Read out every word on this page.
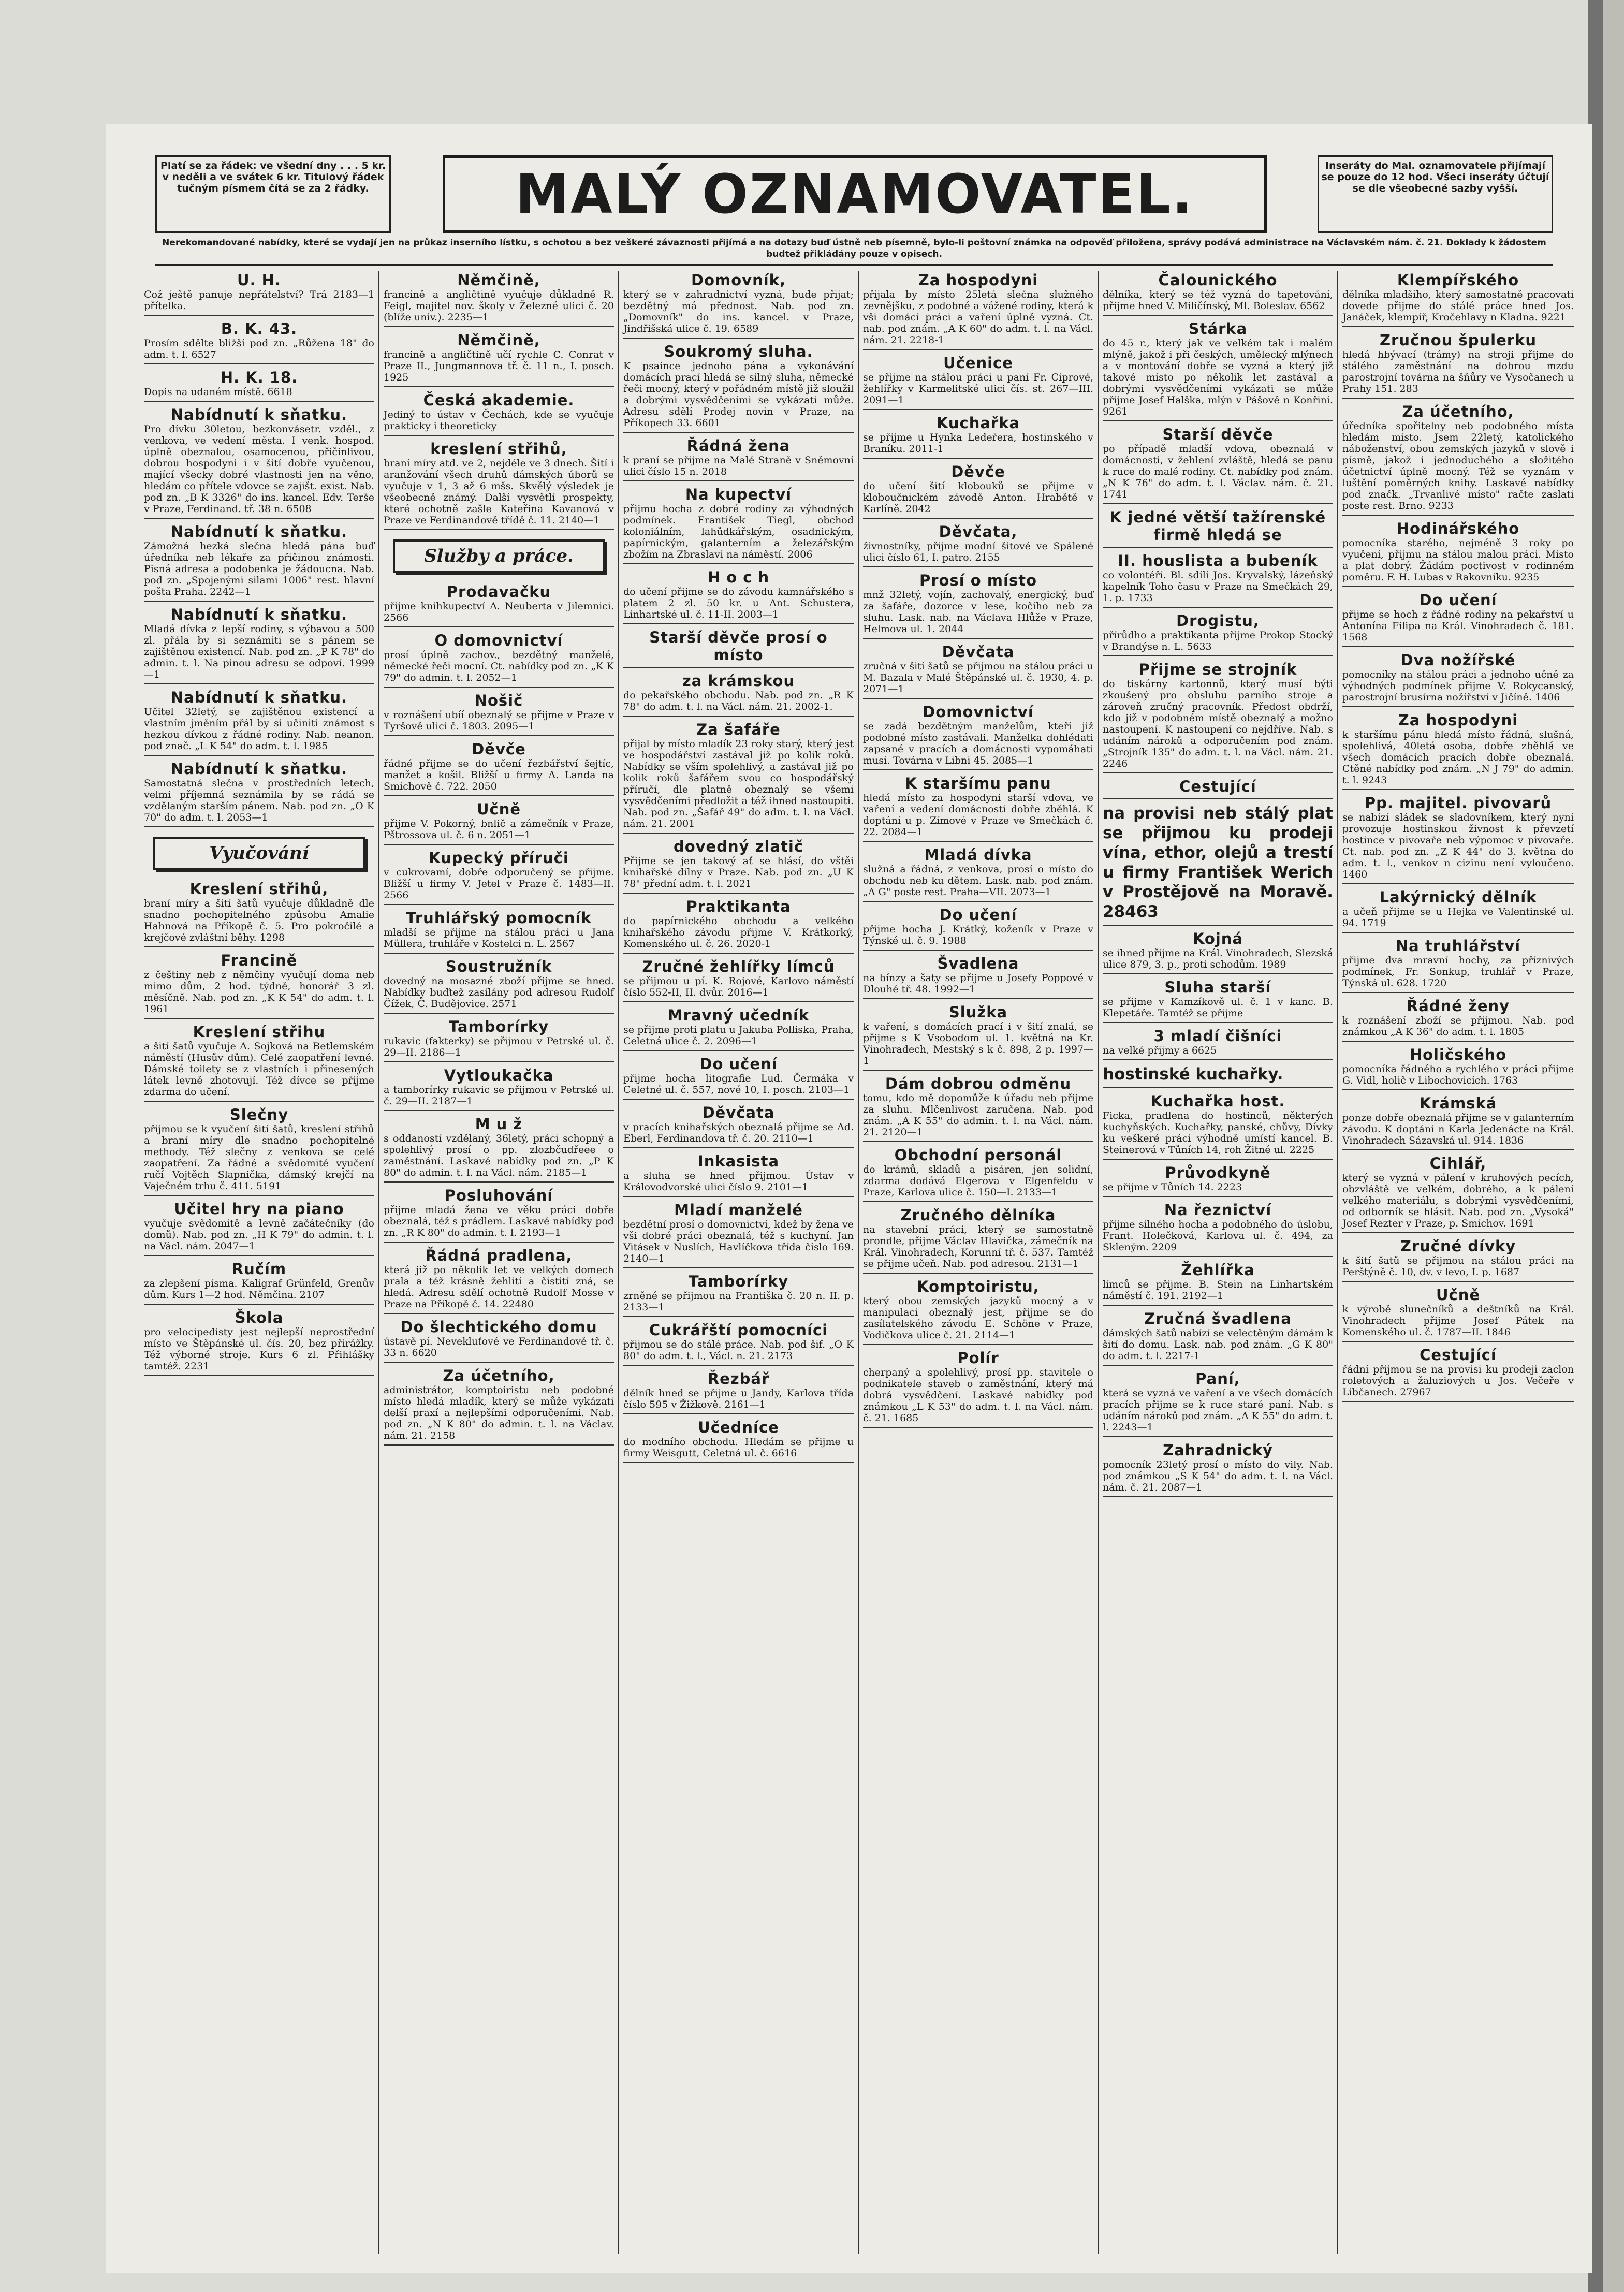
Platí se za řádek: ve všední dny . . . 5 kr. v neděli a ve svátek 6 kr. Titulový řádek tučným písmem čítá se za 2 řádky.	MALÝ OZNAMOVATEL.	Inseráty do Mal. oznamovatele přijímají se pouze do 12 hod. Všeci inseráty účtují se dle všeobecné sazby vyšší.
Nerekomandované nabídky, které se vydají jen na průkaz inserního lístku, s ochotou a bez veškeré závaznosti přijímá a na dotazy buď ústně neb písemně, bylo-li poštovní známka na odpověď přiložena, správy podává administrace na Václavském nám. č. 21. Doklady k žádostem budtež přikládány pouze v opisech.
U. H.
Což ještě panuje nepřátelství? Trá 2183—1 přítelka.
B. K. 43.
Prosím sdělte bližší pod zn. „Růžena 18" do adm. t. l. 6527
H. K. 18.
Dopis na udaném místě. 6618
Nabídnutí k sňatku.
Pro dívku 30letou, bezkonvásetr. vzděl., z venkova, ve vedení města. I venk. hospod. úplně obeznalou, osamocenou, přičinlivou, dobrou hospodyni i v šití dobře vyučenou, mající všecky dobré vlastnosti jen na věno, hledám co přítele vdovce se zajišt. exist. Nab. pod zn. „B K 3326" do ins. kancel. Edv. Terše v Praze, Ferdinand. tř. 38 n. 6508
Nabídnutí k sňatku.
Zámožná hezká slečna hledá pána buď úředníka neb lékaře za přičinou známosti. Pisná adresa a podobenka je žádoucna. Nab. pod zn. „Spojenými silami 1006" rest. hlavní pošta Praha. 2242—1
Nabídnutí k sňatku.
Mladá dívka z lepší rodiny, s výbavou a 500 zl. přála by si seznámiti se s pánem se zajištěnou existencí. Nab. pod zn. „P K 78" do admin. t. l. Na pinou adresu se odpoví. 1999—1
Nabídnutí k sňatku.
Učitel 32letý, se zajištěnou existencí a vlastním jměním přál by si učiniti známost s hezkou dívkou z řádné rodiny. Nab. neanon. pod znač. „L K 54" do adm. t. l. 1985
Nabídnutí k sňatku.
Samostatná slečna v prostředních letech, velmi příjemná seznámila by se rádá se vzdělaným starším pánem. Nab. pod zn. „O K 70" do adm. t. l. 2053—1
Vyučování
Kreslení střihů,
braní míry a šití šatů vyučuje důkladně dle snadno pochopitelného způsobu Amalie Hahnová na Příkopě č. 5. Pro pokročilé a krejčové zvláštní běhy. 1298
Francině
z češtiny neb z němčiny vyučují doma neb mimo dům, 2 hod. týdně, honorář 3 zl. měsíčně. Nab. pod zn. „K K 54" do adm. t. l. 1961
Kreslení střihu
a šití šatů vyučuje A. Sojková na Betlemském náměstí (Husův dům). Celé zaopatření levné. Dámské toilety se z vlastních i přinesených látek levně zhotovují. Též dívce se přijme zdarma do učení.
Slečny
přijmou se k vyučení šití šatů, kreslení střihů a braní míry dle snadno pochopitelné methody. Též slečny z venkova se celé zaopatření. Za řádné a svědomité vyučení ručí Vojtěch Slapnička, dámský krejčí na Vaječném trhu č. 411. 5191
Učitel hry na piano
vyučuje svědomitě a levně začátečníky (do domů). Nab. pod zn. „H K 79" do admin. t. l. na Václ. nám. 2047—1
Ručím
za zlepšení písma. Kaligraf Grünfeld, Grenův dům. Kurs 1—2 hod. Němčina. 2107
Škola
pro velocipedisty jest nejlepší neprostřední místo ve Štěpánské ul. čís. 20, bez přirážky. Též výborné stroje. Kurs 6 zl. Přihlášky tamtéž. 2231
Němčině,
francině a angličtině vyučuje důkladně R. Feigl, majitel nov. školy v Železné ulici č. 20 (blíže univ.). 2235—1
Němčině,
francině a angličtině učí rychle C. Conrat v Praze II., Jungmannova tř. č. 11 n., I. posch. 1925
Česká akademie.
Jediný to ústav v Čechách, kde se vyučuje prakticky i theoreticky
kreslení střihů,
braní míry atd. ve 2, nejdéle ve 3 dnech. Šití i aranžování všech druhů dámských úborů se vyučuje v 1, 3 až 6 mšs. Skvělý výsledek je všeobecně známý. Další vysvětlí prospekty, které ochotně zašle Kateřina Kavanová v Praze ve Ferdinandově třídě č. 11. 2140—1
Služby a práce.
Prodavačku
přijme knihkupectví A. Neuberta v Jilemnici. 2566
O domovnictví
prosí úplně zachov., bezdětný manželé, německé řeči mocní. Ct. nabídky pod zn. „K K 79" do admin. t. l. 2052—1
Nošič
v roznášení ubíí obeznalý se přijme v Praze v Tyršově ulici č. 1803. 2095—1
Děvče
řádné přijme se do učení řezbářství šejtíc, manžet a košil. Bližší u firmy A. Landa na Smíchově č. 722. 2050
Učně
přijme V. Pokorný, bnlič a zámečník v Praze, Pštrossova ul. č. 6 n. 2051—1
Kupecký příruči
v cukrovamí, dobře odporučený se přijme. Bližší u firmy V. Jetel v Praze č. 1483—II. 2566
Truhlářský pomocník
mladší se přijme na stálou práci u Jana Müllera, truhláře v Kostelci n. L. 2567
Soustružník
dovedný na mosazné zboží přijme se hned. Nabídky buďtež zasílány pod adresou Rudolf Čížek, Č. Budějovice. 2571
Tamborírky
rukavic (fakterky) se přijmou v Petrské ul. č. 29—II. 2186—1
Vytloukačka
a tamborírky rukavic se přijmou v Petrské ul. č. 29—II. 2187—1
M u ž
s oddaností vzdělaný, 36letý, práci schopný a spolehlivý prosí o pp. zlozbčudřeee o zaměstnání. Laskavé nabídky pod zn. „P K 80" do admin. t. l. na Václ. nám. 2185—1
Posluhování
přijme mladá žena ve věku práci dobře obeznalá, též s prádlem. Laskavé nabídky pod zn. „R K 80" do admin. t. l. 2193—1
Řádná pradlena,
která již po několik let ve velkých domech prala a též krásně žehlití a čistití zná, se hledá. Adresu sdělí ochotně Rudolf Mosse v Praze na Příkopě č. 14. 22480
Do šlechtického domu
ústavě pí. Nevekluťové ve Ferdinandově tř. č. 33 n. 6620
Za účetního,
administrátor, komptoiristu neb podobné místo hledá mladík, který se může vykázati delší praxí a nejlepšími odporučeními. Nab. pod zn. „N K 80" do admin. t. l. na Václav. nám. 21. 2158
Domovník,
který se v zahradnictví vyzná, bude přijat; bezdětný má přednost. Nab. pod zn. „Domovník" do ins. kancel. v Praze, Jindřišská ulice č. 19. 6589
Soukromý sluha.
K psaince jednoho pána a vykonávání domácích prací hledá se silný sluha, německé řeči mocný, který v pořádném místě již sloužil a dobrými vysvědčeními se vykázati může. Adresu sdělí Prodej novin v Praze, na Příkopech 33. 6601
Řádná žena
k praní se přijme na Malé Straně v Sněmovní ulici číslo 15 n. 2018
Na kupectví
přijmu hocha z dobré rodiny za výhodných podmínek. František Tiegl, obchod koloniálním, lahůdkářským, osadnickým, papírnickým, galanterním a železářským zbožím na Zbraslavi na náměstí. 2006
H o c h
do učení přijme se do závodu kamnářského s platem 2 zl. 50 kr. u Ant. Schustera, Linhartské ul. č. 11-II. 2003—1
Starší děvče prosí o místo
za krámskou
do pekařského obchodu. Nab. pod zn. „R K 78" do adm. t. l. na Václ. nám. 21. 2002-1.
Za šafáře
přijal by místo mladík 23 roky starý, který jest ve hospodářství zastával již po kolik roků. Nabídky se vším spolehlivý, a zastával již po kolik roků šafářem svou co hospodářský příručí, dle platně obeznalý se všemi vysvědčeními předložit a též ihned nastoupiti. Nab. pod zn. „Šafář 49" do adm. t. l. na Václ. nám. 21. 2001
dovedný zlatič
Přijme se jen takový ať se hlásí, do vštěi knihařské dílny v Praze. Nab. pod zn. „U K 78" přední adm. t. l. 2021
Praktikanta
do papírnického obchodu a velkého knihařského závodu přijme V. Krátkorký, Komenského ul. č. 26. 2020-1
Zručné žehlířky límců
se přijmou u pí. K. Rojové, Karlovo náměstí číslo 552-II, II. dvůr. 2016—1
Mravný učedník
se přijme proti platu u Jakuba Polliska, Praha, Celetná ulice č. 2. 2096—1
Do učení
přijme hocha litografie Lud. Čermáka v Celetné ul. č. 557, nové 10, I. posch. 2103—1
Děvčata
v pracích knihařských obeznalá přijme se Ad. Eberl, Ferdinandova tř. č. 20. 2110—1
Inkasista
a sluha se hned přijmou. Ústav v Královodvorské ulici číslo 9. 2101—1
Mladí manželé
bezdětní prosí o domovnictví, kdež by žena ve vši dobré práci obeznalá, též s kuchyní. Jan Vitásek v Nuslích, Havlíčkova třída číslo 169. 2140—1
Tamborírky
zrněné se přijmou na Františka č. 20 n. II. p. 2133—1
Cukrářští pomocníci
přijmou se do stálé práce. Nab. pod šif. „O K 80" do adm. t. l., Václ. n. 21. 2173
Řezbář
dělník hned se přijme u Jandy, Karlova třída číslo 595 v Žižkově. 2161—1
Učedníce
do modního obchodu. Hledám se přijme u firmy Weisgutt, Celetná ul. č. 6616
Za hospodyni
přijala by místo 25letá slečna služného zevnějšku, z podobné a vážené rodiny, která k vši domácí práci a vaření úplně vyzná. Ct. nab. pod znám. „A K 60" do adm. t. l. na Václ. nám. 21. 2218-1
Učenice
se přijme na stálou práci u paní Fr. Ciprové, žehlířky v Karmelitské ulici čís. st. 267—III. 2091—1
Kuchařka
se přijme u Hynka Ledeřera, hostinského v Braníku. 2011-1
Děvče
do učení šití klobouků se přijme v kloboučnickém závodě Anton. Hrabětě v Karlíně. 2042
Děvčata,
živnostníky, přijme modní šitové ve Spálené ulici číslo 61, I. patro. 2155
Prosí o místo
mnž 32letý, vojín, zachovalý, energický, buď za šafáře, dozorce v lese, kočího neb za sluhu. Lask. nab. na Václava Hlůže v Praze, Helmova ul. 1. 2044
Děvčata
zručná v šití šatů se přijmou na stálou práci u M. Bazala v Malé Štěpánské ul. č. 1930, 4. p. 2071—1
Domovnictví
se zadá bezdětným manželům, kteří již podobné místo zastávali. Manželka dohlédati zapsané v pracích a domácnosti vypomáhati musí. Továrna v Libni 45. 2085—1
K staršímu panu
hledá místo za hospodyni starší vdova, ve vaření a vedení domácnosti dobře zběhlá. K doptání u p. Zímové v Praze ve Smečkách č. 22. 2084—1
Mladá dívka
služná a řádná, z venkova, prosí o místo do obchodu neb ku dětem. Lask. nab. pod znám. „A G" poste rest. Praha—VII. 2073—1
Do učení
přijme hocha J. Krátký, koženík v Praze v Týnské ul. č. 9. 1988
Švadlena
na bínzy a šaty se přijme u Josefy Poppové v Dlouhé tř. 48. 1992—1
Služka
k vaření, s domácích prací i v šití znalá, se přijme s K Vsobodom ul. 1. květná na Kr. Vinohradech, Mestský s k č. 898, 2 p. 1997—1
Dám dobrou odměnu
tomu, kdo mě dopomůže k úřadu neb přijme za sluhu. Mlčenlivost zaručena. Nab. pod znám. „A K 55" do admin. t. l. na Václ. nám. 21. 2120—1
Obchodní personál
do krámů, skladů a pisáren, jen solidní, zdarma dodává Elgerova v Elgenfeldu v Praze, Karlova ulice č. 150—I. 2133—1
Zručného dělníka
na stavební práci, který se samostatně prondle, přijme Václav Hlavička, zámečník na Král. Vinohradech, Korunní tř. č. 537. Tamtéž se přijme učeň. Nab. pod adresou. 2131—1
Komptoiristu,
který obou zemských jazyků mocný a v manipulaci obeznalý jest, přijme se do zasílatelského závodu E. Schöne v Praze, Vodičkova ulice č. 21. 2114—1
Polír
cherpaný a spolehlivý, prosí pp. stavitele o podnikatele staveb o zaměstnání, který má dobrá vysvědčení. Laskavé nabídky pod známkou „L K 53" do adm. t. l. na Václ. nám. č. 21. 1685
Čalounického
dělníka, který se též vyzná do tapetování, přijme hned V. Miličínský, Ml. Boleslav. 6562
Stárka
do 45 r., který jak ve velkém tak i malém mlýně, jakož i při českých, umělecký mlýnech a v montování dobře se vyzná a který již takové místo po několik let zastával a dobrými vysvědčeními vykázati se může přijme Josef Halška, mlýn v Pášově n Konřiní. 9261
Starší děvče
po případě mladší vdova, obeznalá v domácnosti, v žehlení zvláště, hledá se panu k ruce do malé rodiny. Ct. nabídky pod znám. „N K 76" do adm. t. l. Václav. nám. č. 21. 1741
K jedné větší tažírenské firmě hledá se
II. houslista a bubeník
co volontéři. Bl. sdílí Jos. Kryvalský, lázeňský kapelník Toho času v Praze na Smečkách 29, 1. p. 1733
Drogistu,
přírůdho a praktikanta přijme Prokop Stocký v Brandýse n. L. 5633
Přijme se strojník
do tiskárny kartonnů, který musí býti zkoušený pro obsluhu parního stroje a zároveň zručný pracovník. Předost obdrží, kdo již v podobném místě obeznalý a možno nastoupení. K nastoupení co nejdříve. Nab. s udáním nároků a odporučením pod znám. „Strojník 135" do adm. t. l. na Václ. nám. 21. 2246
Cestující
na provisi neb stálý plat se přijmou ku prodeji vína, ethor, olejů a trestí u firmy František Werich v Prostějově na Moravě. 28463
Kojná
se ihned přijme na Král. Vinohradech, Slezská ulice 879, 3. p., proti schodům. 1989
Sluha starší
se přijme v Kamzíkově ul. č. 1 v kanc. B. Klepetáře. Tamtéž se přijme
3 mladí čišníci
na velké přijmy a 6625
hostinské kuchařky.
Kuchařka host.
Ficka, pradlena do hostinců, některých kuchyňských. Kuchařky, panské, chůvy, Dívky ku veškeré práci výhodně umístí kancel. B. Steinerová v Tůních 14, roh Žitné ul. 2225
Průvodkyně
se přijme v Tůních 14. 2223
Na řeznictví
přijme silného hocha a podobného do úslobu, Frant. Holečková, Karlova ul. č. 494, za Skleným. 2209
Žehlířka
límců se přijme. B. Stein na Linhartském náměstí č. 191. 2192—1
Zručná švadlena
dámských šatů nabízí se velectěným dámám k šití do domu. Lask. nab. pod znám. „G K 80" do adm. t. l. 2217-1
Paní,
která se vyzná ve vaření a ve všech domácích pracích přijme se k ruce staré paní. Nab. s udáním nároků pod znám. „A K 55" do adm. t. l. 2243—1
Zahradnický
pomocník 23letý prosí o místo do vily. Nab. pod známkou „S K 54" do adm. t. l. na Václ. nám. č. 21. 2087—1
Klempířského
dělníka mladšího, který samostatně pracovati dovede přijme do stálé práce hned Jos. Janáček, klempíř, Kročehlavy n Kladna. 9221
Zručnou špulerku
hledá hbývací (trámy) na stroji přijme do stálého zaměstnání na dobrou mzdu parostrojní továrna na šňůry ve Vysočanech u Prahy 151. 283
Za účetního,
úředníka spořitelny neb podobného místa hledám místo. Jsem 22letý, katolického náboženství, obou zemských jazyků v slově i písmě, jakož i jednoduchého a složitého účetnictví úplně mocný. Též se vyznám v luštění poměrných knihy. Laskavé nabídky pod značk. „Trvanlivé místo" račte zaslati poste rest. Brno. 9233
Hodinářského
pomocníka starého, nejméně 3 roky po vyučení, přijmu na stálou malou práci. Místo a plat dobrý. Žádám poctivost v rodinném poměru. F. H. Lubas v Rakovníku. 9235
Do učení
přijme se hoch z řádné rodiny na pekařství u Antonína Filipa na Král. Vinohradech č. 181. 1568
Dva nožířské
pomocníky na stálou práci a jednoho učně za výhodných podmínek přijme V. Rokycanský, parostrojní brusírna nožířství v Jičíně. 1406
Za hospodyni
k staršímu pánu hledá místo řádná, slušná, spolehlivá, 40letá osoba, dobře zběhlá ve všech domácích pracích dobře obeznalá. Ctěné nabídky pod znám. „N J 79" do admin. t. l. 9243
Pp. majitel. pivovarů
se nabízí sládek se sladovníkem, který nyní provozuje hostinskou živnost k převzetí hostince v pivovaře neb výpomoc v pivovaře. Ct. nab. pod zn. „Z K 44" do 3. května do adm. t. l., venkov n cizinu není vyloučeno. 1460
Lakýrnický dělník
a učeň přijme se u Hejka ve Valentinské ul. 94. 1719
Na truhlářství
přijme dva mravní hochy, za příznivých podmínek, Fr. Sonkup, truhlář v Praze, Týnská ul. 628. 1720
Řádné ženy
k roznášení zboží se přijmou. Nab. pod známkou „A K 36" do adm. t. l. 1805
Holičského
pomocníka řádného a rychlého v práci přijme G. Vidl, holič v Libochovicích. 1763
Krámská
ponze dobře obeznalá přijme se v galanterním závodu. K doptání n Karla Jedenácte na Král. Vinohradech Sázavská ul. 914. 1836
Cihlář,
který se vyzná v pálení v kruhových pecích, obzvláště ve velkém, dobrého, a k pálení velkého materiálu, s dobrými vysvědčeními, od odborník se hlásit. Nab. pod zn. „Vysoká" Josef Rezter v Praze, p. Smíchov. 1691
Zručné dívky
k šití šatů se přijmou na stálou práci na Perštýně č. 10, dv. v levo, I. p. 1687
Učně
k výrobě slunečníků a deštníků na Král. Vinohradech přijme Josef Pátek na Komenského ul. č. 1787—II. 1846
Cestující
řádní přijmou se na provisi ku prodeji zaclon roletových a žaluziových u Jos. Večeře v Libčanech. 27967
